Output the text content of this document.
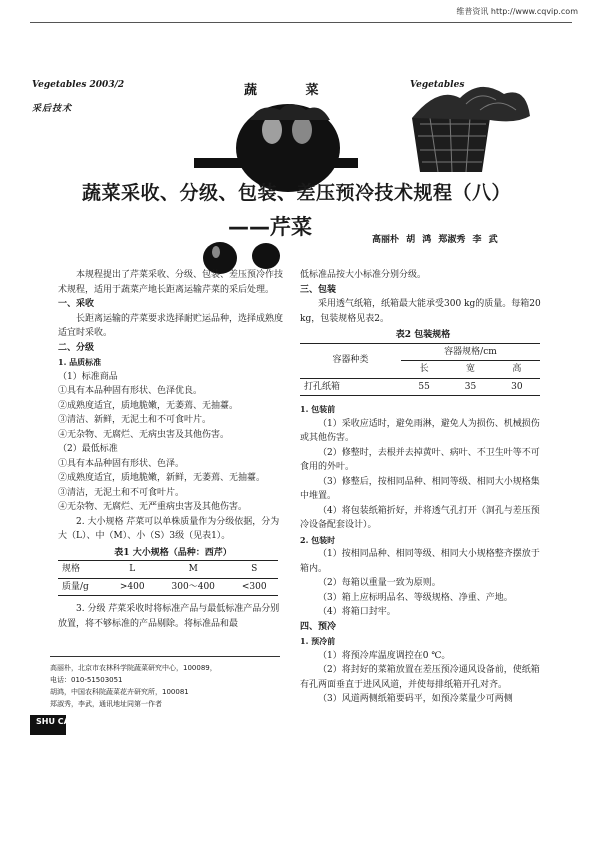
维普资讯 http://www.cqvip.com
Vegetables 2003/2
采后技术
蔬 菜	Vegetables
蔬菜采收、分级、包装、差压预冷技术规程（八）
——芹菜
高丽朴 胡 鸿 郑淑秀 李 武

本规程提出了芹菜采收、分级、包装、差压预冷作技术规程，适用于蔬菜产地长距离运输芹菜的采后处理。

一、采收

长距离运输的芹菜要求选择耐贮运品种，选择成熟度适宜时采收。

二、分级

1. 品质标准

（1）标准商品

①具有本品种固有形状、色泽优良。

②成熟度适宜，质地脆嫩，无萎蔫、无抽薹。

③清洁、新鲜，无泥土和不可食叶片。

④无杂物、无腐烂、无病虫害及其他伤害。

（2）最低标准

①具有本品种固有形状、色泽。

②成熟度适宜，质地脆嫩，新鲜，无萎蔫、无抽薹。

③清洁，无泥土和不可食叶片。

④无杂物、无腐烂、无严重病虫害及其他伤害。

2. 大小规格 芹菜可以单株质量作为分级依据，分为大（L）、中（M）、小（S）3级（见表1）。

表1 大小规格（品种：西芹）

规格	L	M	S
质量/g	>400	300～400	<300

3. 分级 芹菜采收时将标准产品与最低标准产品分别放置，将不够标准的产品剔除。将标准品和最

高丽朴，北京市农林科学院蔬菜研究中心，100089，
电话：010-51503051
胡鸿，中国农科院蔬菜花卉研究所，100081
郑淑秀，李武，通讯地址同第一作者
SHU CAI

低标准品按大小标准分别分级。

三、包装

采用透气纸箱，纸箱最大能承受300 kg的质量。每箱20 kg，包装规格见表2。

表2 包装规格

容器种类	容器规格/cm		
	长	宽	高
打孔纸箱	55	35	30

1. 包装前

（1）采收应适时，避免雨淋，避免人为损伤、机械损伤或其他伤害。

（2）修整时，去根并去掉黄叶、病叶、不卫生叶等不可食用的外叶。

（3）修整后，按相同品种、相同等级、相同大小规格集中堆置。

（4）将包装纸箱折好，并将透气孔打开（洞孔与差压预冷设备配套设计）。

2. 包装时

（1）按相同品种、相同等级、相同大小规格整齐摆放于箱内。

（2）每箱以重量一致为原则。

（3）箱上应标明品名、等级规格、净重、产地。

（4）将箱口封牢。

四、预冷

1. 预冷前

（1）将预冷库温度调控在0 ℃。

（2）将封好的菜箱放置在差压预冷通风设备前，使纸箱有孔两面垂直于进风风道，并使每排纸箱开孔对齐。

（3）风道两侧纸箱要码平，如预冷菜量少可两侧
